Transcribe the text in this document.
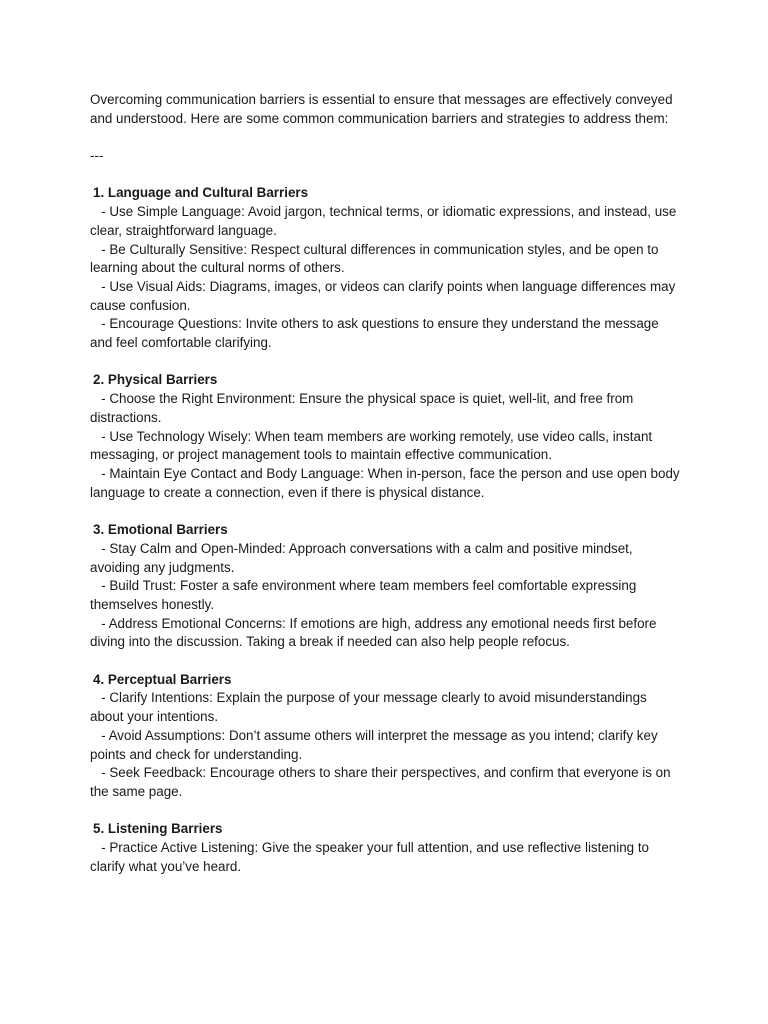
Overcoming communication barriers is essential to ensure that messages are effectively conveyed and understood. Here are some common communication barriers and strategies to address them:

---

1. Language and Cultural Barriers

- Use Simple Language: Avoid jargon, technical terms, or idiomatic expressions, and instead, use clear, straightforward language.

- Be Culturally Sensitive: Respect cultural differences in communication styles, and be open to learning about the cultural norms of others.

- Use Visual Aids: Diagrams, images, or videos can clarify points when language differences may cause confusion.

- Encourage Questions: Invite others to ask questions to ensure they understand the message and feel comfortable clarifying.

2. Physical Barriers

- Choose the Right Environment: Ensure the physical space is quiet, well-lit, and free from distractions.

- Use Technology Wisely: When team members are working remotely, use video calls, instant messaging, or project management tools to maintain effective communication.

- Maintain Eye Contact and Body Language: When in-person, face the person and use open body language to create a connection, even if there is physical distance.

3. Emotional Barriers

- Stay Calm and Open-Minded: Approach conversations with a calm and positive mindset, avoiding any judgments.

- Build Trust: Foster a safe environment where team members feel comfortable expressing themselves honestly.

- Address Emotional Concerns: If emotions are high, address any emotional needs first before diving into the discussion. Taking a break if needed can also help people refocus.

4. Perceptual Barriers

- Clarify Intentions: Explain the purpose of your message clearly to avoid misunderstandings about your intentions.

- Avoid Assumptions: Don’t assume others will interpret the message as you intend; clarify key points and check for understanding.

- Seek Feedback: Encourage others to share their perspectives, and confirm that everyone is on the same page.

5. Listening Barriers

- Practice Active Listening: Give the speaker your full attention, and use reflective listening to clarify what you’ve heard.
